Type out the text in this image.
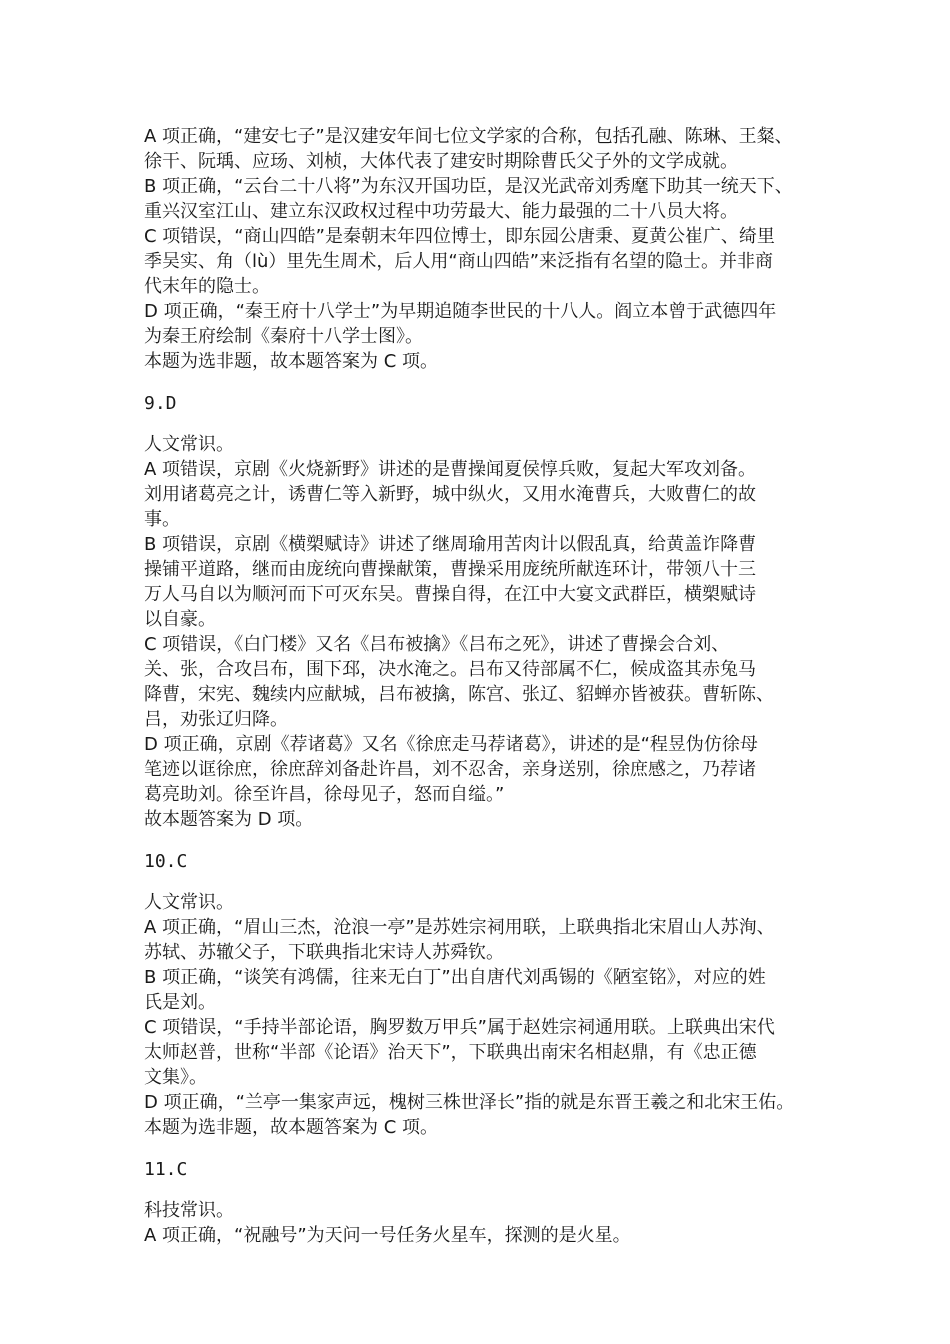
A 项正确，“建安七子”是汉建安年间七位文学家的合称，包括孔融、陈琳、王粲、
徐干、阮瑀、应玚、刘桢，大体代表了建安时期除曹氏父子外的文学成就。
B 项正确，“云台二十八将”为东汉开国功臣，是汉光武帝刘秀麾下助其一统天下、
重兴汉室江山、建立东汉政权过程中功劳最大、能力最强的二十八员大将。
C 项错误，“商山四皓”是秦朝末年四位博士，即东园公唐秉、夏黄公崔广、绮里
季吴实、角（lù）里先生周术，后人用“商山四皓”来泛指有名望的隐士。并非商
代末年的隐士。
D 项正确，“秦王府十八学士”为早期追随李世民的十八人。阎立本曾于武德四年
为秦王府绘制《秦府十八学士图》。
本题为选非题，故本题答案为 C 项。
9.D
人文常识。
A 项错误，京剧《火烧新野》讲述的是曹操闻夏侯惇兵败，复起大军攻刘备。
刘用诸葛亮之计，诱曹仁等入新野，城中纵火，又用水淹曹兵，大败曹仁的故
事。
B 项错误，京剧《横槊赋诗》讲述了继周瑜用苦肉计以假乱真，给黄盖诈降曹
操铺平道路，继而由庞统向曹操献策，曹操采用庞统所献连环计，带领八十三
万人马自以为顺河而下可灭东吴。曹操自得，在江中大宴文武群臣，横槊赋诗
以自豪。
C 项错误，《白门楼》又名《吕布被擒》《吕布之死》，讲述了曹操会合刘、
关、张，合攻吕布，围下邳，决水淹之。吕布又待部属不仁，候成盗其赤兔马
降曹，宋宪、魏续内应献城，吕布被擒，陈宫、张辽、貂蝉亦皆被获。曹斩陈、
吕，劝张辽归降。
D 项正确，京剧《荐诸葛》又名《徐庶走马荐诸葛》，讲述的是“程昱伪仿徐母
笔迹以诓徐庶，徐庶辞刘备赴许昌，刘不忍舍，亲身送别，徐庶感之，乃荐诸
葛亮助刘。徐至许昌，徐母见子，怒而自缢。”
故本题答案为 D 项。
10.C
人文常识。
A 项正确，“眉山三杰，沧浪一亭”是苏姓宗祠用联，上联典指北宋眉山人苏洵、
苏轼、苏辙父子，下联典指北宋诗人苏舜钦。
B 项正确，“谈笑有鸿儒，往来无白丁”出自唐代刘禹锡的《陋室铭》，对应的姓
氏是刘。
C 项错误，“手持半部论语，胸罗数万甲兵”属于赵姓宗祠通用联。上联典出宋代
太师赵普，世称“半部《论语》治天下”，下联典出南宋名相赵鼎，有《忠正德
文集》。
D 项正确，“兰亭一集家声远，槐树三株世泽长”指的就是东晋王羲之和北宋王佑。
本题为选非题，故本题答案为 C 项。
11.C
科技常识。
A 项正确，“祝融号”为天问一号任务火星车，探测的是火星。
